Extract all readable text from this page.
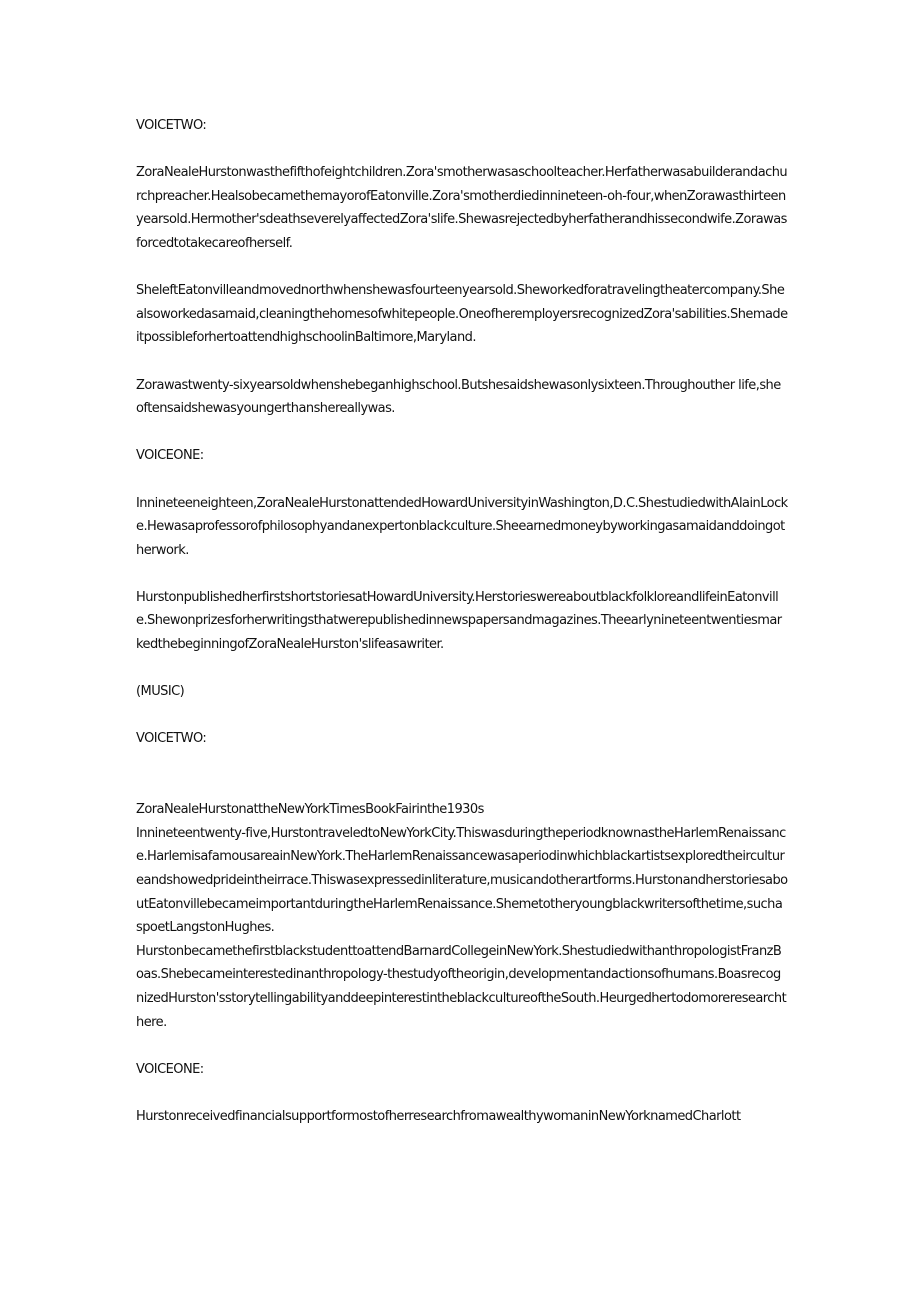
VOICETWO:

ZoraNealeHurstonwasthefifthofeightchildren.Zora'smotherwasaschoolteacher.Herfatherwasabuilderandachurchpreacher.HealsobecamethemayorofEatonville.Zora'smotherdiedinnineteen-oh-four,whenZorawasthirteenyearsold.Hermother'sdeathseverelyaffectedZora'slife.Shewasrejectedbyherfatherandhissecondwife.Zorawasforcedtotakecareofherself.

SheleftEatonvilleandmovednorthwhenshewasfourteenyearsold.Sheworkedforatravelingtheatercompany.Shealsoworkedasamaid,cleaningthehomesofwhitepeople.OneofheremployersrecognizedZora'sabilities.ShemadeitpossibleforhertoattendhighschoolinBaltimore,Maryland.

Zorawastwenty-sixyearsoldwhenshebeganhighschool.Butshesaidshewasonlysixteen.Throughouther life,sheoftensaidshewasyoungerthanshereallywas.

VOICEONE:

Innineteeneighteen,ZoraNealeHurstonattendedHowardUniversityinWashington,D.C.ShestudiedwithAlainLocke.Hewasaprofessorofphilosophyandanexpertonblackculture.Sheearnedmoneybyworkingasamaidanddoingotherwork.

HurstonpublishedherfirstshortstoriesatHowardUniversity.HerstorieswereaboutblackfolkloreandlifeinEatonville.Shewonprizesforherwritingsthatwerepublishedinnewspapersandmagazines.TheearlynineteentwentiesmarkedthebeginningofZoraNealeHurston'slifeasawriter.

(MUSIC)

VOICETWO:

ZoraNealeHurstonattheNewYorkTimesBookFairinthe1930s

Innineteentwenty-five,HurstontraveledtoNewYorkCity.ThiswasduringtheperiodknownastheHarlemRenaissance.HarlemisafamousareainNewYork.TheHarlemRenaissancewasaperiodinwhichblackartistsexploredtheircultureandshowedprideintheirrace.Thiswasexpressedinliterature,musicandotherartforms.HurstonandherstoriesaboutEatonvillebecameimportantduringtheHarlemRenaissance.Shemetotheryoungblackwritersofthetime,suchaspoetLangstonHughes.

HurstonbecamethefirstblackstudenttoattendBarnardCollegeinNewYork.ShestudiedwithanthropologistFranzBoas.Shebecameinterestedinanthropology-thestudyoftheorigin,developmentandactionsofhumans.BoasrecognizedHurston'sstorytellingabilityanddeepinterestintheblackcultureoftheSouth.Heurgedhertodomoreresearchthere.

VOICEONE:

HurstonreceivedfinancialsupportformostofherresearchfromawealthywomaninNewYorknamedCharlott
